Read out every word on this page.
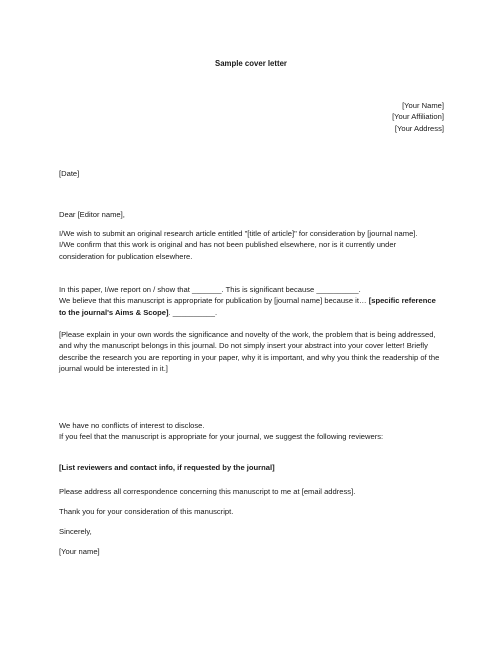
Sample cover letter

[Your Name]
[Your Affiliation]
[Your Address]

[Date]

Dear [Editor name],

I/We wish to submit an original research article entitled "[title of article]" for consideration by [journal name].
I/We confirm that this work is original and has not been published elsewhere, nor is it currently under consideration for publication elsewhere.
In this paper, I/we report on / show that _______. This is significant because __________.
We believe that this manuscript is appropriate for publication by [journal name] because it… [specific reference to the journal's Aims & Scope]. __________.

[Please explain in your own words the significance and novelty of the work, the problem that is being addressed, and why the manuscript belongs in this journal. Do not simply insert your abstract into your cover letter! Briefly describe the research you are reporting in your paper, why it is important, and why you think the readership of the journal would be interested in it.]

We have no conflicts of interest to disclose.
If you feel that the manuscript is appropriate for your journal, we suggest the following reviewers:

[List reviewers and contact info, if requested by the journal]

Please address all correspondence concerning this manuscript to me at [email address].

Thank you for your consideration of this manuscript.

Sincerely,

[Your name]
